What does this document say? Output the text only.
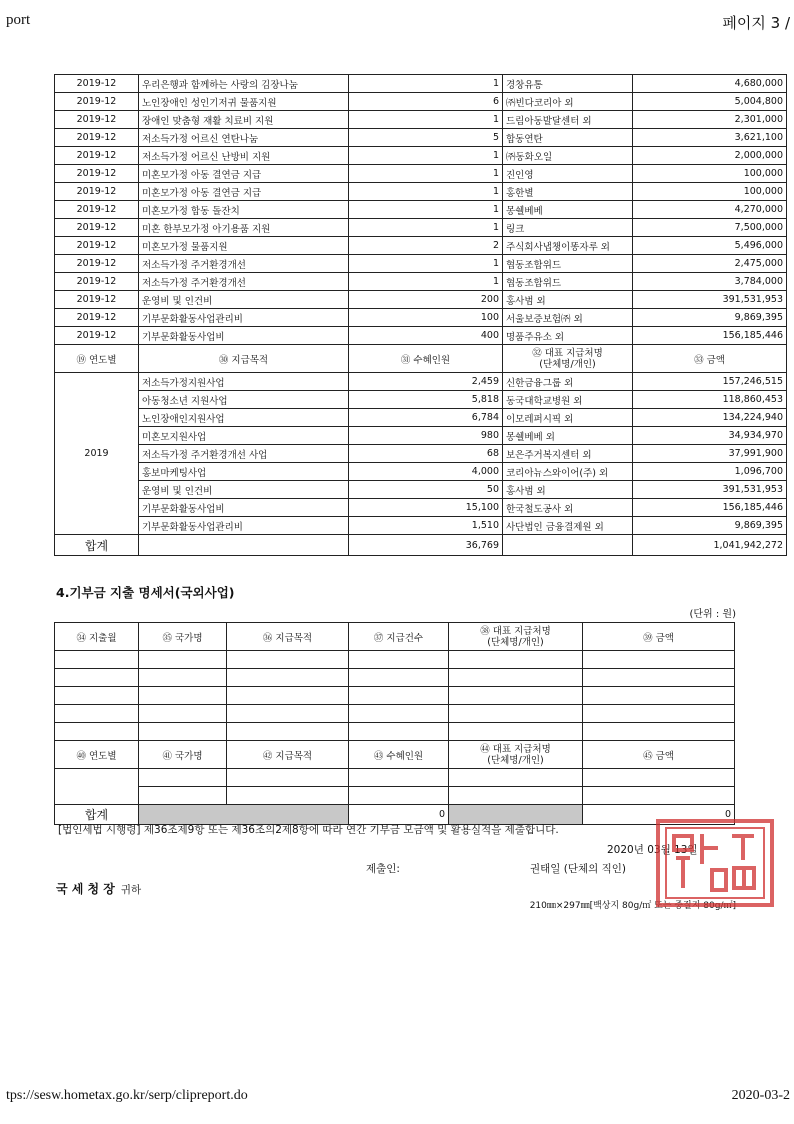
port	페이지 3 /
2019-12	우리은행과 함께하는 사랑의 김장나눔	1	경창유통	4,680,000
2019-12	노인장애인 성인기저귀 물품지원	6	㈜빈다코리아 외	5,004,800
2019-12	장애인 맞춤형 재활 치료비 지원	1	드림아동발달센터 외	2,301,000
2019-12	저소득가정 어르신 연탄나눔	5	합동연탄	3,621,100
2019-12	저소득가정 어르신 난방비 지원	1	㈜동화오일	2,000,000
2019-12	미혼모가정 아동 결연금 지급	1	진인영	100,000
2019-12	미혼모가정 아동 결연금 지급	1	홍한별	100,000
2019-12	미혼모가정 합동 돌잔치	1	몽쉘베베	4,270,000
2019-12	미혼 한부모가정 아기용품 지원	1	링크	7,500,000
2019-12	미혼모가정 물품지원	2	주식회사냅챙이똥자루 외	5,496,000
2019-12	저소득가정 주거환경개선	1	협동조합위드	2,475,000
2019-12	저소득가정 주거환경개선	1	협동조합위드	3,784,000
2019-12	운영비 및 인건비	200	홍사범 외	391,531,953
2019-12	기부문화활동사업관리비	100	서울보증보험㈜ 외	9,869,395
2019-12	기부문화활동사업비	400	명품주유소 외	156,185,446
⑲ 연도별	㉚ 지급목적	㉛ 수혜인원	㉜ 대표 지급처명
(단체명/개인)	㉝ 금액
2019	저소득가정지원사업	2,459	신한금융그룹 외	157,246,515
	아동청소년 지원사업	5,818	동국대학교병원 외	118,860,453
	노인장애인지원사업	6,784	이모레퍼시픽 외	134,224,940
	미혼모지원사업	980	몽쉘베베 외	34,934,970
	저소득가정 주거환경개선 사업	68	보은주거복지센터 외	37,991,900
	홍보마케팅사업	4,000	코리아뉴스와이어(주) 외	1,096,700
	운영비 및 인건비	50	홍사범 외	391,531,953
	기부문화활동사업비	15,100	한국철도공사 외	156,185,446
	기부문화활동사업관리비	1,510	사단법인 금융결제원 외	9,869,395
합계		36,769		1,041,942,272
4.기부금 지출 명세서(국외사업)
(단위 : 원)
㉞ 지출월	㉟ 국가명	㊱ 지급목적	㊲ 지급건수	㊳ 대표 지급처명
(단체명/개인)	㊴ 금액

㊵ 연도별	㊶ 국가명	㊷ 지급목적	㊸ 수혜인원	㊹ 대표 지급처명
(단체명/개인)	㊺ 금액

합계			0		0
[법인세법 시행령] 제36조제9항 또는 제36조의2제8항에 따라 연간 기부금 모금액 및 활용실적을 제출합니다.
2020년 03월 13일
제출인:	권태일 (단체의 직인)
국 세 청 장 귀하
210㎜×297㎜[백상지 80g/㎡ 또는 중질지 80g/㎡]
tps://sesw.hometax.go.kr/serp/clipreport.do	2020-03-2
